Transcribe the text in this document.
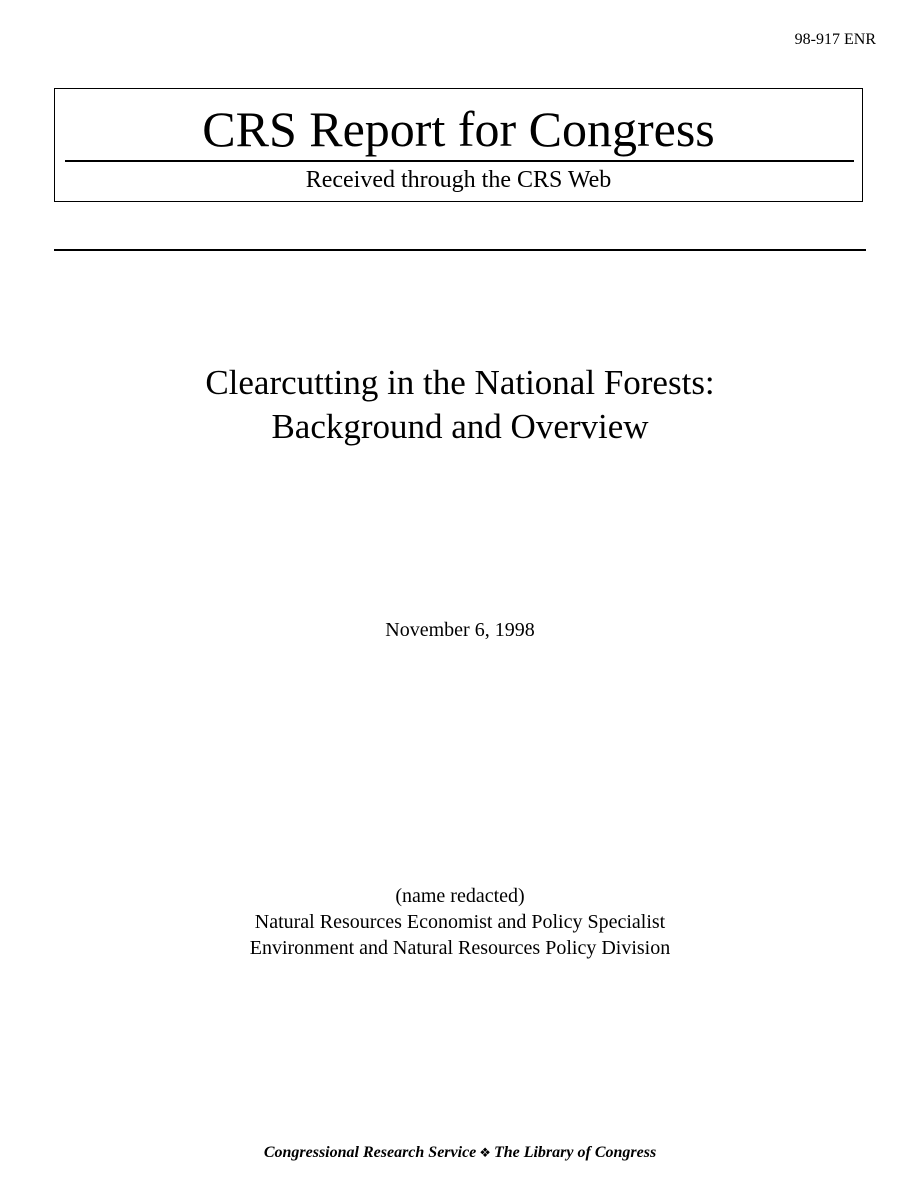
98-917 ENR
CRS Report for Congress
Received through the CRS Web
Clearcutting in the National Forests:
Background and Overview
November 6, 1998
(name redacted)
Natural Resources Economist and Policy Specialist
Environment and Natural Resources Policy Division
Congressional Research Service ❖ The Library of Congress
